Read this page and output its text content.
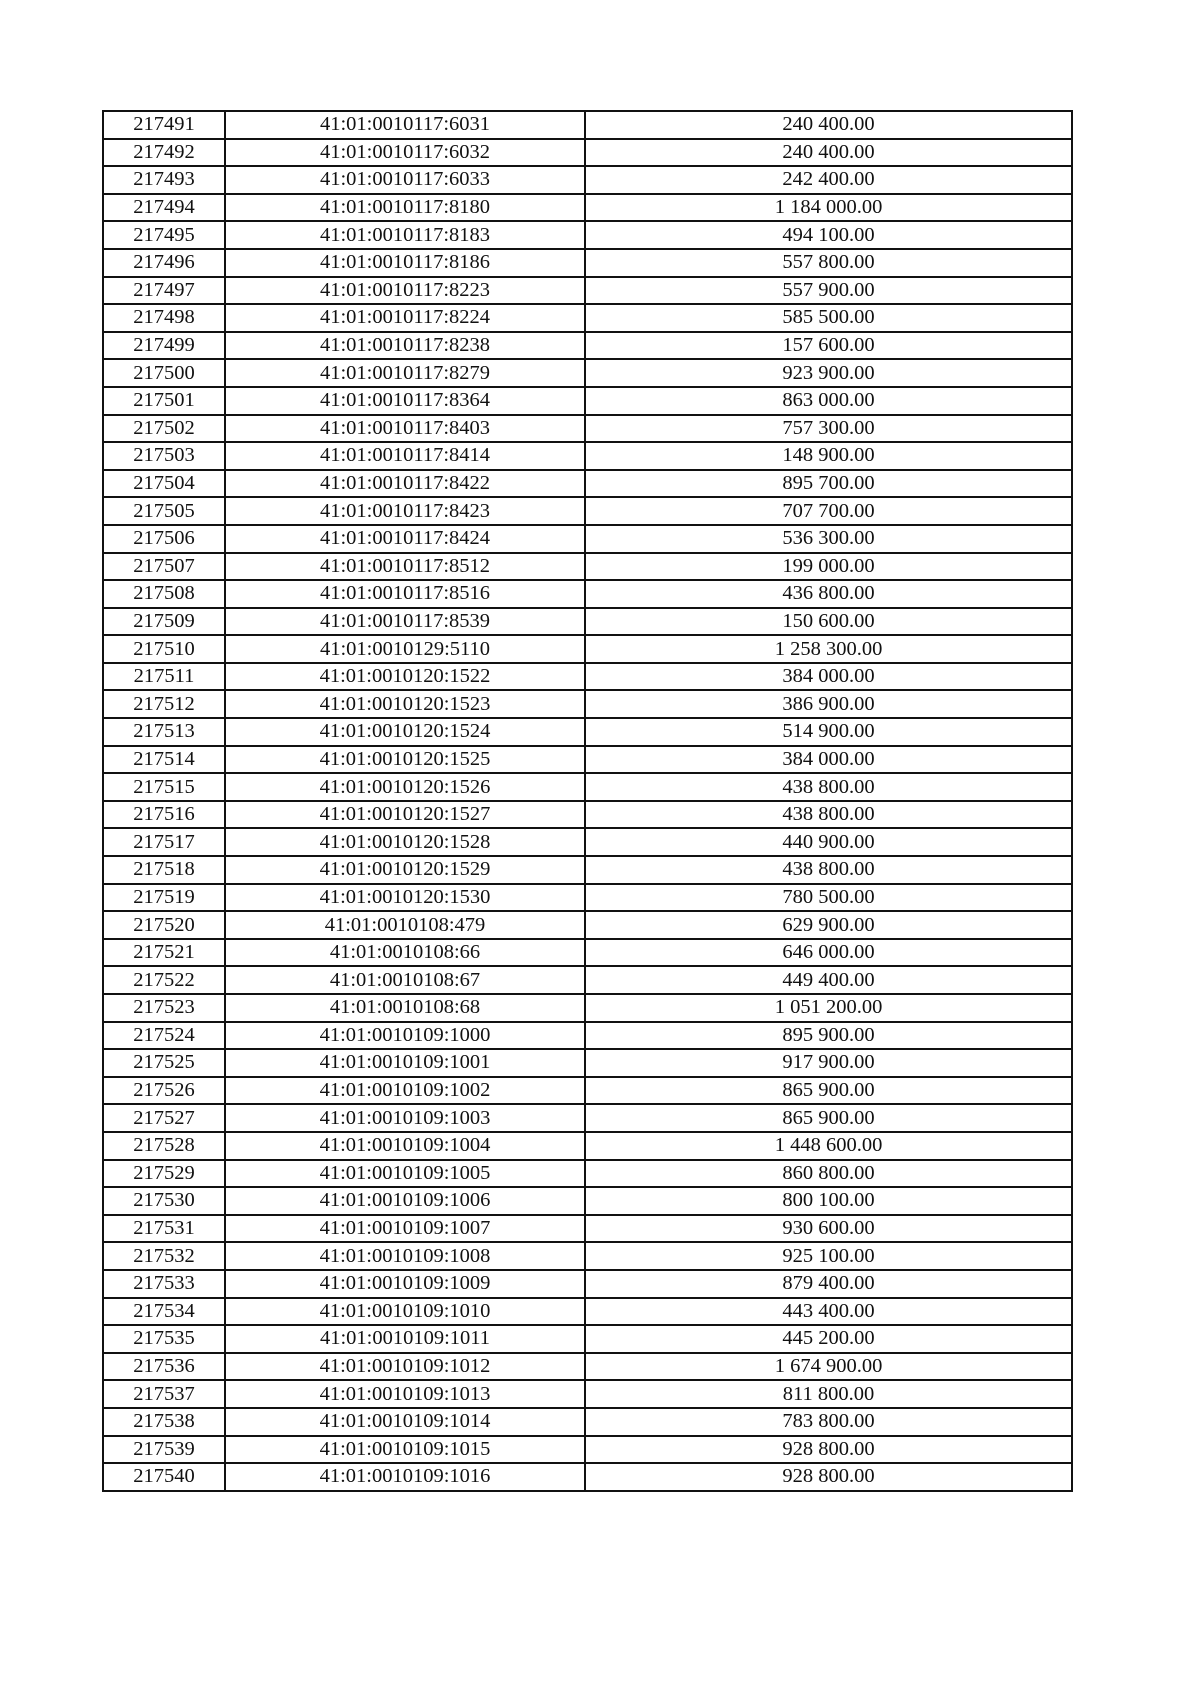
217491	41:01:0010117:6031	240 400.00
217492	41:01:0010117:6032	240 400.00
217493	41:01:0010117:6033	242 400.00
217494	41:01:0010117:8180	1 184 000.00
217495	41:01:0010117:8183	494 100.00
217496	41:01:0010117:8186	557 800.00
217497	41:01:0010117:8223	557 900.00
217498	41:01:0010117:8224	585 500.00
217499	41:01:0010117:8238	157 600.00
217500	41:01:0010117:8279	923 900.00
217501	41:01:0010117:8364	863 000.00
217502	41:01:0010117:8403	757 300.00
217503	41:01:0010117:8414	148 900.00
217504	41:01:0010117:8422	895 700.00
217505	41:01:0010117:8423	707 700.00
217506	41:01:0010117:8424	536 300.00
217507	41:01:0010117:8512	199 000.00
217508	41:01:0010117:8516	436 800.00
217509	41:01:0010117:8539	150 600.00
217510	41:01:0010129:5110	1 258 300.00
217511	41:01:0010120:1522	384 000.00
217512	41:01:0010120:1523	386 900.00
217513	41:01:0010120:1524	514 900.00
217514	41:01:0010120:1525	384 000.00
217515	41:01:0010120:1526	438 800.00
217516	41:01:0010120:1527	438 800.00
217517	41:01:0010120:1528	440 900.00
217518	41:01:0010120:1529	438 800.00
217519	41:01:0010120:1530	780 500.00
217520	41:01:0010108:479	629 900.00
217521	41:01:0010108:66	646 000.00
217522	41:01:0010108:67	449 400.00
217523	41:01:0010108:68	1 051 200.00
217524	41:01:0010109:1000	895 900.00
217525	41:01:0010109:1001	917 900.00
217526	41:01:0010109:1002	865 900.00
217527	41:01:0010109:1003	865 900.00
217528	41:01:0010109:1004	1 448 600.00
217529	41:01:0010109:1005	860 800.00
217530	41:01:0010109:1006	800 100.00
217531	41:01:0010109:1007	930 600.00
217532	41:01:0010109:1008	925 100.00
217533	41:01:0010109:1009	879 400.00
217534	41:01:0010109:1010	443 400.00
217535	41:01:0010109:1011	445 200.00
217536	41:01:0010109:1012	1 674 900.00
217537	41:01:0010109:1013	811 800.00
217538	41:01:0010109:1014	783 800.00
217539	41:01:0010109:1015	928 800.00
217540	41:01:0010109:1016	928 800.00
